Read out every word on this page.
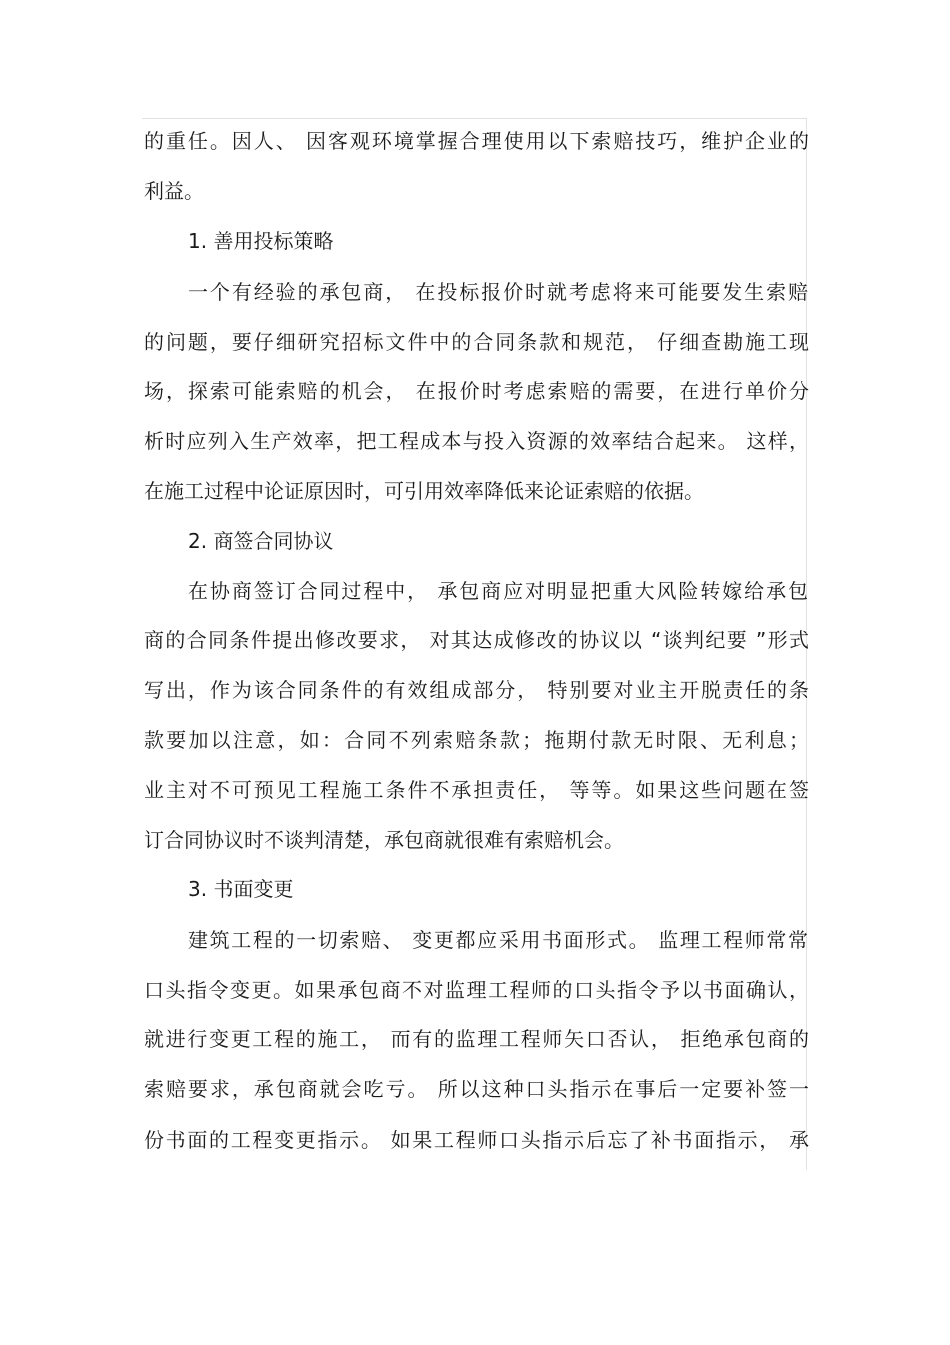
的重任。因人、 因客观环境掌握合理使用以下索赔技巧，维护企业的
利益。
1. 善用投标策略
一个有经验的承包商， 在投标报价时就考虑将来可能要发生索赔
的问题，要仔细研究招标文件中的合同条款和规范， 仔细查勘施工现
场，探索可能索赔的机会， 在报价时考虑索赔的需要，在进行单价分
析时应列入生产效率，把工程成本与投入资源的效率结合起来。 这样，
在施工过程中论证原因时，可引用效率降低来论证索赔的依据。
2. 商签合同协议
在协商签订合同过程中， 承包商应对明显把重大风险转嫁给承包
商的合同条件提出修改要求， 对其达成修改的协议以 “谈判纪要 ”形式
写出，作为该合同条件的有效组成部分， 特别要对业主开脱责任的条
款要加以注意，如：合同不列索赔条款；拖期付款无时限、无利息；
业主对不可预见工程施工条件不承担责任， 等等。如果这些问题在签
订合同协议时不谈判清楚，承包商就很难有索赔机会。
3. 书面变更
建筑工程的一切索赔、 变更都应采用书面形式。 监理工程师常常
口头指令变更。如果承包商不对监理工程师的口头指令予以书面确认，
就进行变更工程的施工， 而有的监理工程师矢口否认， 拒绝承包商的
索赔要求，承包商就会吃亏。 所以这种口头指示在事后一定要补签一
份书面的工程变更指示。 如果工程师口头指示后忘了补书面指示， 承
